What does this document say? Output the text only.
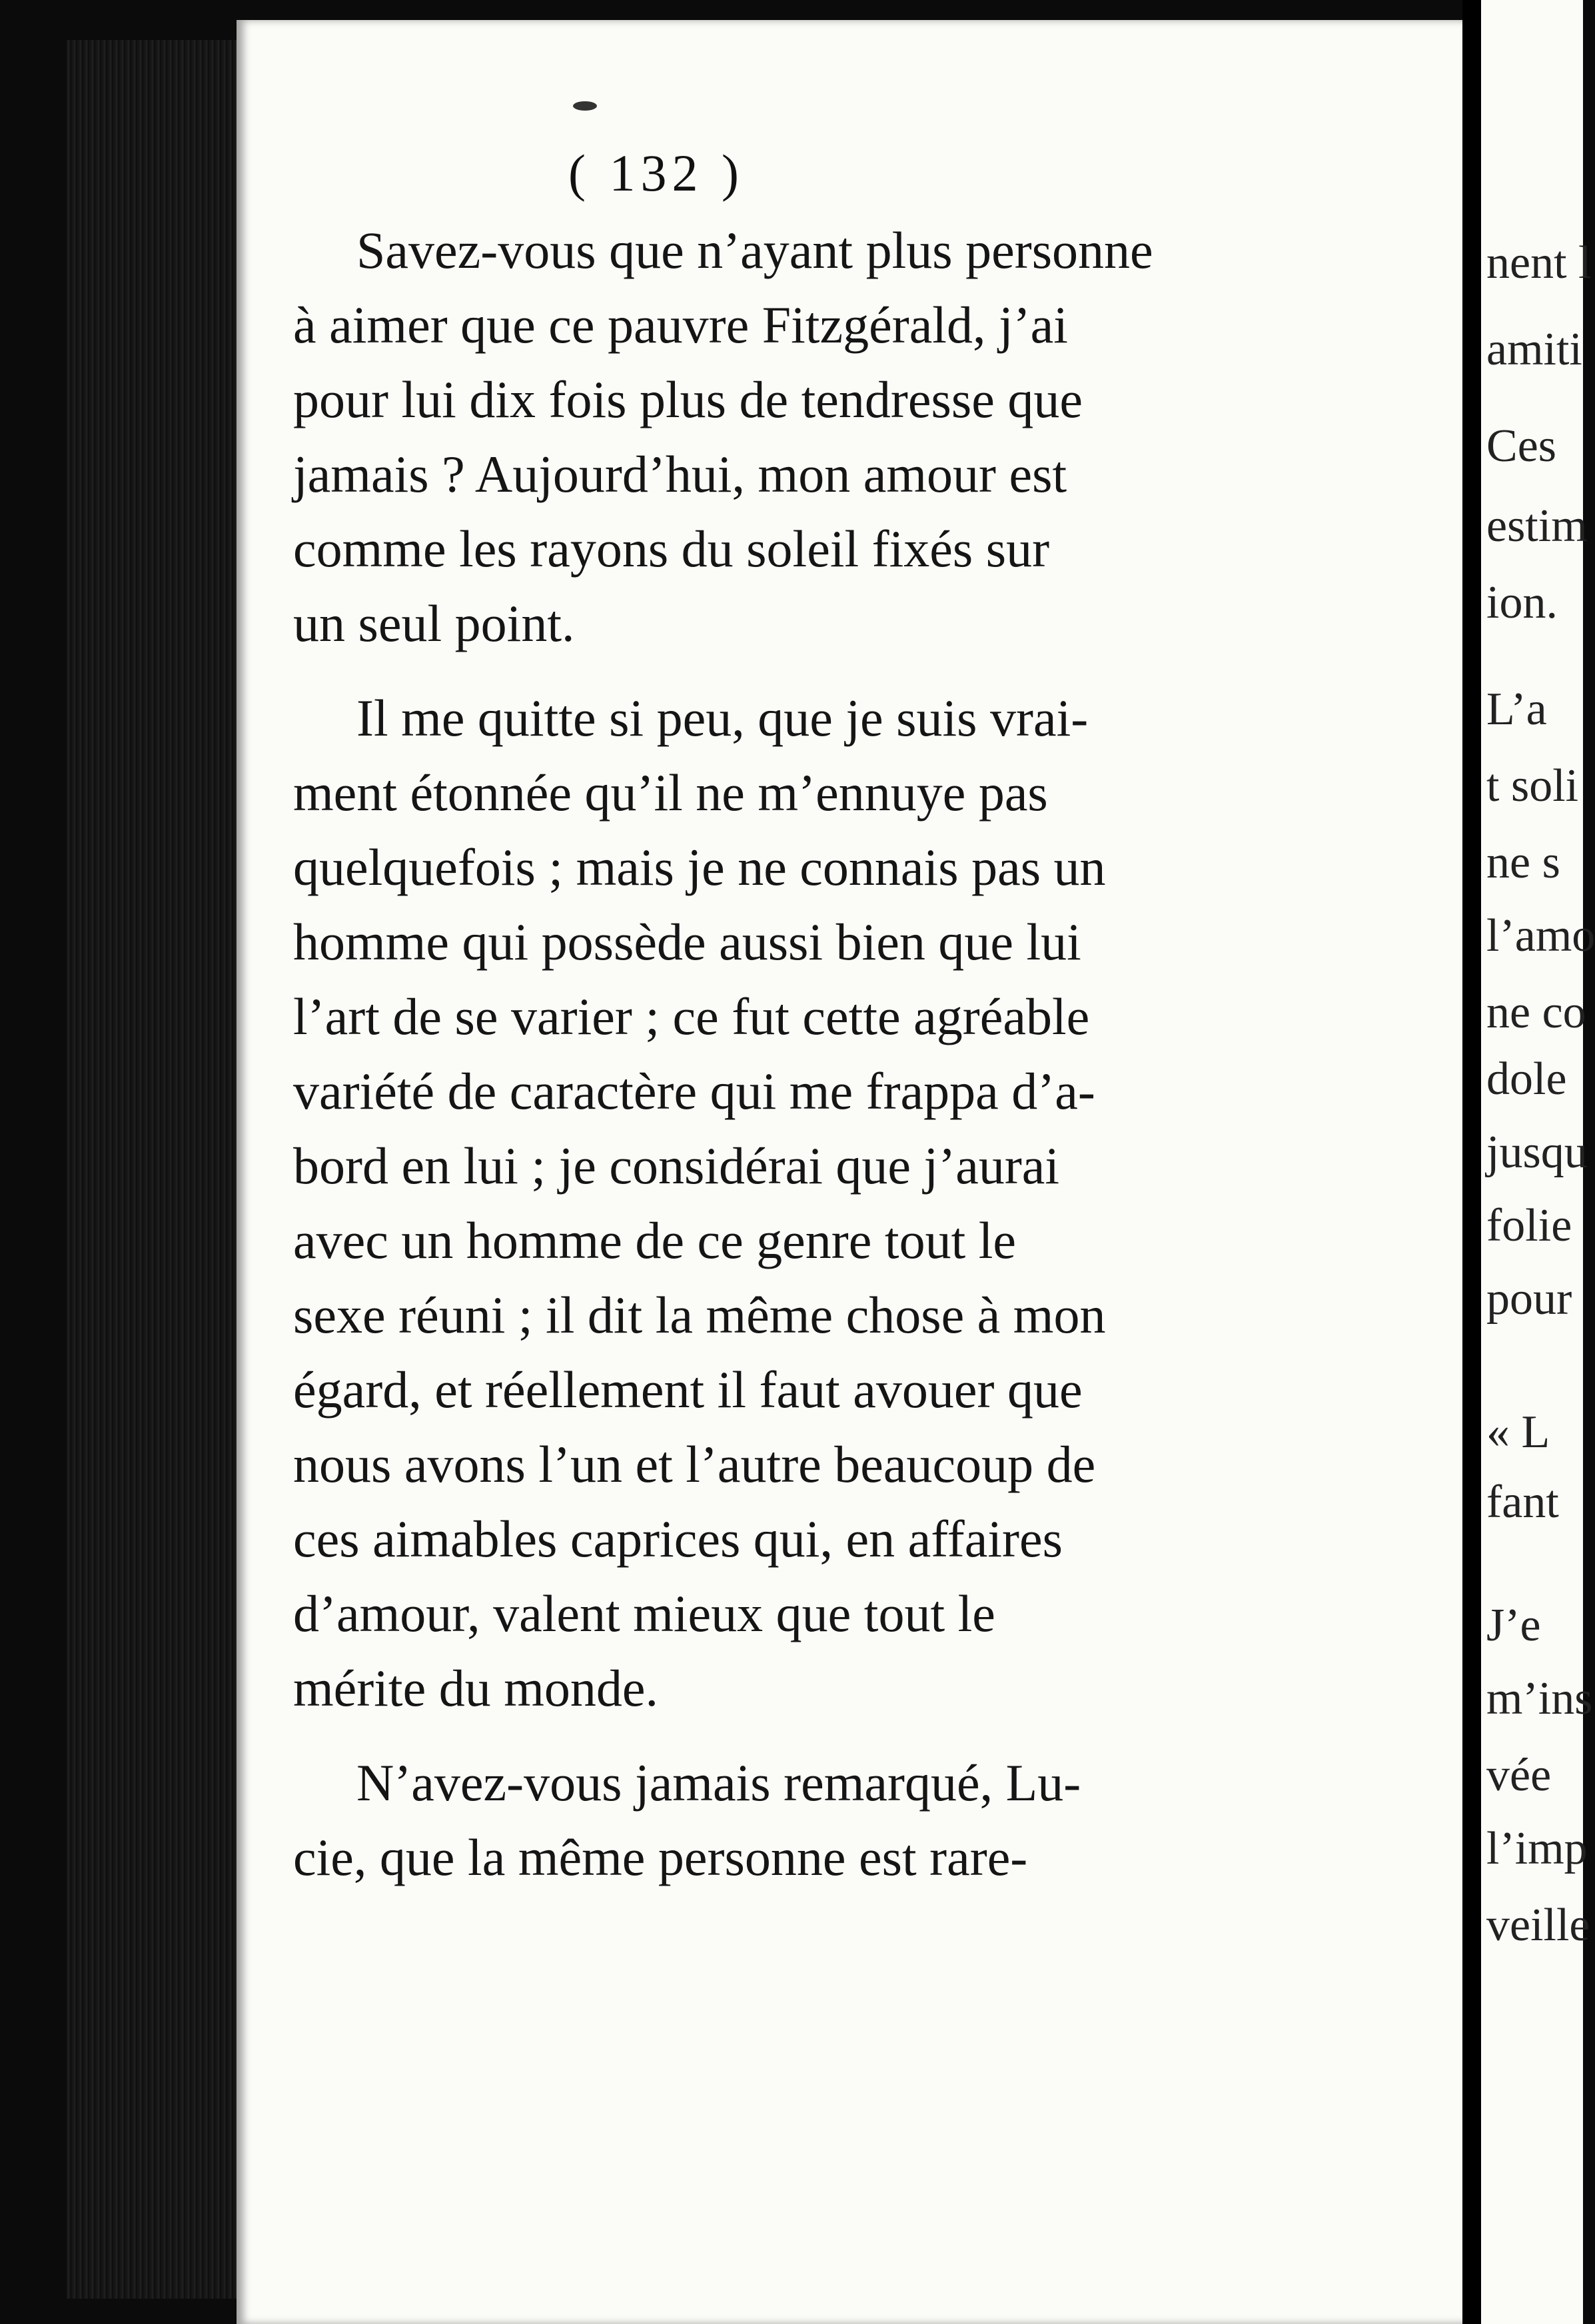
( 132 )
Savez-vous que n’ayant plus personne
à aimer que ce pauvre Fitzgérald, j’ai
pour lui dix fois plus de tendresse que
jamais ? Aujourd’hui, mon amour est
comme les rayons du soleil fixés sur
un seul point.
Il me quitte si peu, que je suis vrai-
ment étonnée qu’il ne m’ennuye pas
quelquefois ; mais je ne connais pas un
homme qui possède aussi bien que lui
l’art de se varier ; ce fut cette agréable
variété de caractère qui me frappa d’a-
bord en lui ; je considérai que j’aurai
avec un homme de ce genre tout le
sexe réuni ; il dit la même chose à mon
égard, et réellement il faut avouer que
nous avons l’un et l’autre beaucoup de
ces aimables caprices qui, en affaires
d’amour, valent mieux que tout le
mérite du monde.
N’avez-vous jamais remarqué, Lu-
cie, que la même personne est rare-
nent l
amiti
Ces
estim
ion.
L’a
t soli
ne s
l’amo
ne co
dole
jusqu
folie
pour
« L
fant
J’e
m’ins
vée
l’imp
veille
